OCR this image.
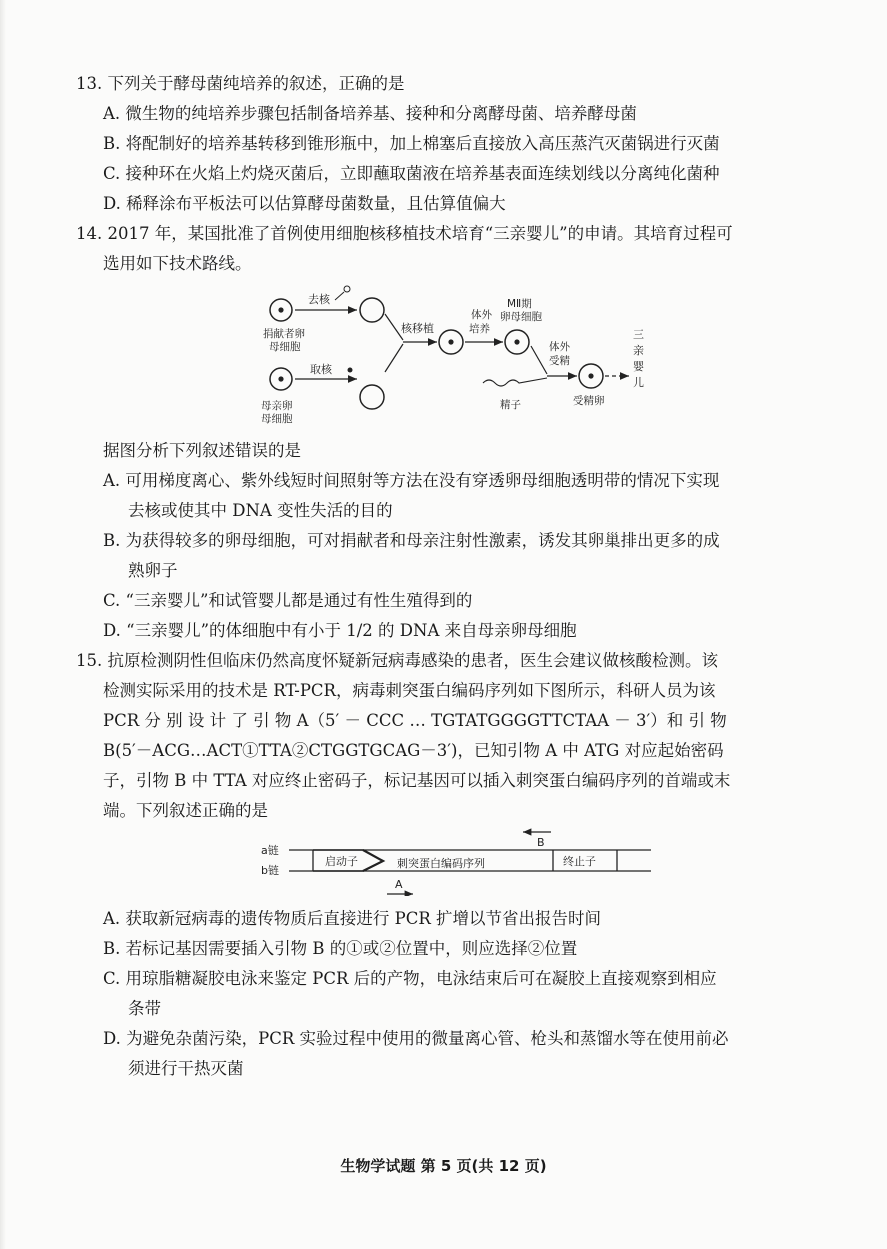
13. 下列关于酵母菌纯培养的叙述，正确的是
A. 微生物的纯培养步骤包括制备培养基、接种和分离酵母菌、培养酵母菌
B. 将配制好的培养基转移到锥形瓶中，加上棉塞后直接放入高压蒸汽灭菌锅进行灭菌
C. 接种环在火焰上灼烧灭菌后，立即蘸取菌液在培养基表面连续划线以分离纯化菌种
D. 稀释涂布平板法可以估算酵母菌数量，且估算值偏大
14. 2017 年，某国批准了首例使用细胞核移植技术培育“三亲婴儿”的申请。其培育过程可
选用如下技术路线。
去核
捐献者卵
母细胞
取核
母亲卵
母细胞
核移植
体外
培养
MⅡ期
卵母细胞
精子
体外
受精
受精卵
三
亲
婴
儿
据图分析下列叙述错误的是
A. 可用梯度离心、紫外线短时间照射等方法在没有穿透卵母细胞透明带的情况下实现
去核或使其中 DNA 变性失活的目的
B. 为获得较多的卵母细胞，可对捐献者和母亲注射性激素，诱发其卵巢排出更多的成
熟卵子
C. “三亲婴儿”和试管婴儿都是通过有性生殖得到的
D. “三亲婴儿”的体细胞中有小于 1/2 的 DNA 来自母亲卵母细胞
15. 抗原检测阴性但临床仍然高度怀疑新冠病毒感染的患者，医生会建议做核酸检测。该
检测实际采用的技术是 RT-PCR，病毒刺突蛋白编码序列如下图所示，科研人员为该
PCR 分 别 设 计 了 引 物 A（5′ － CCC … TGTATGGGGTTCTAA － 3′）和 引 物
B(5′－ACG…ACT①TTA②CTGGTGCAG－3′)，已知引物 A 中 ATG 对应起始密码
子，引物 B 中 TTA 对应终止密码子，标记基因可以插入刺突蛋白编码序列的首端或末
端。下列叙述正确的是
a链
b链
启动子	刺突蛋白编码序列	终止子
B
A
A. 获取新冠病毒的遗传物质后直接进行 PCR 扩增以节省出报告时间
B. 若标记基因需要插入引物 B 的①或②位置中，则应选择②位置
C. 用琼脂糖凝胶电泳来鉴定 PCR 后的产物，电泳结束后可在凝胶上直接观察到相应
条带
D. 为避免杂菌污染，PCR 实验过程中使用的微量离心管、枪头和蒸馏水等在使用前必
须进行干热灭菌
生物学试题 第 5 页(共 12 页)
